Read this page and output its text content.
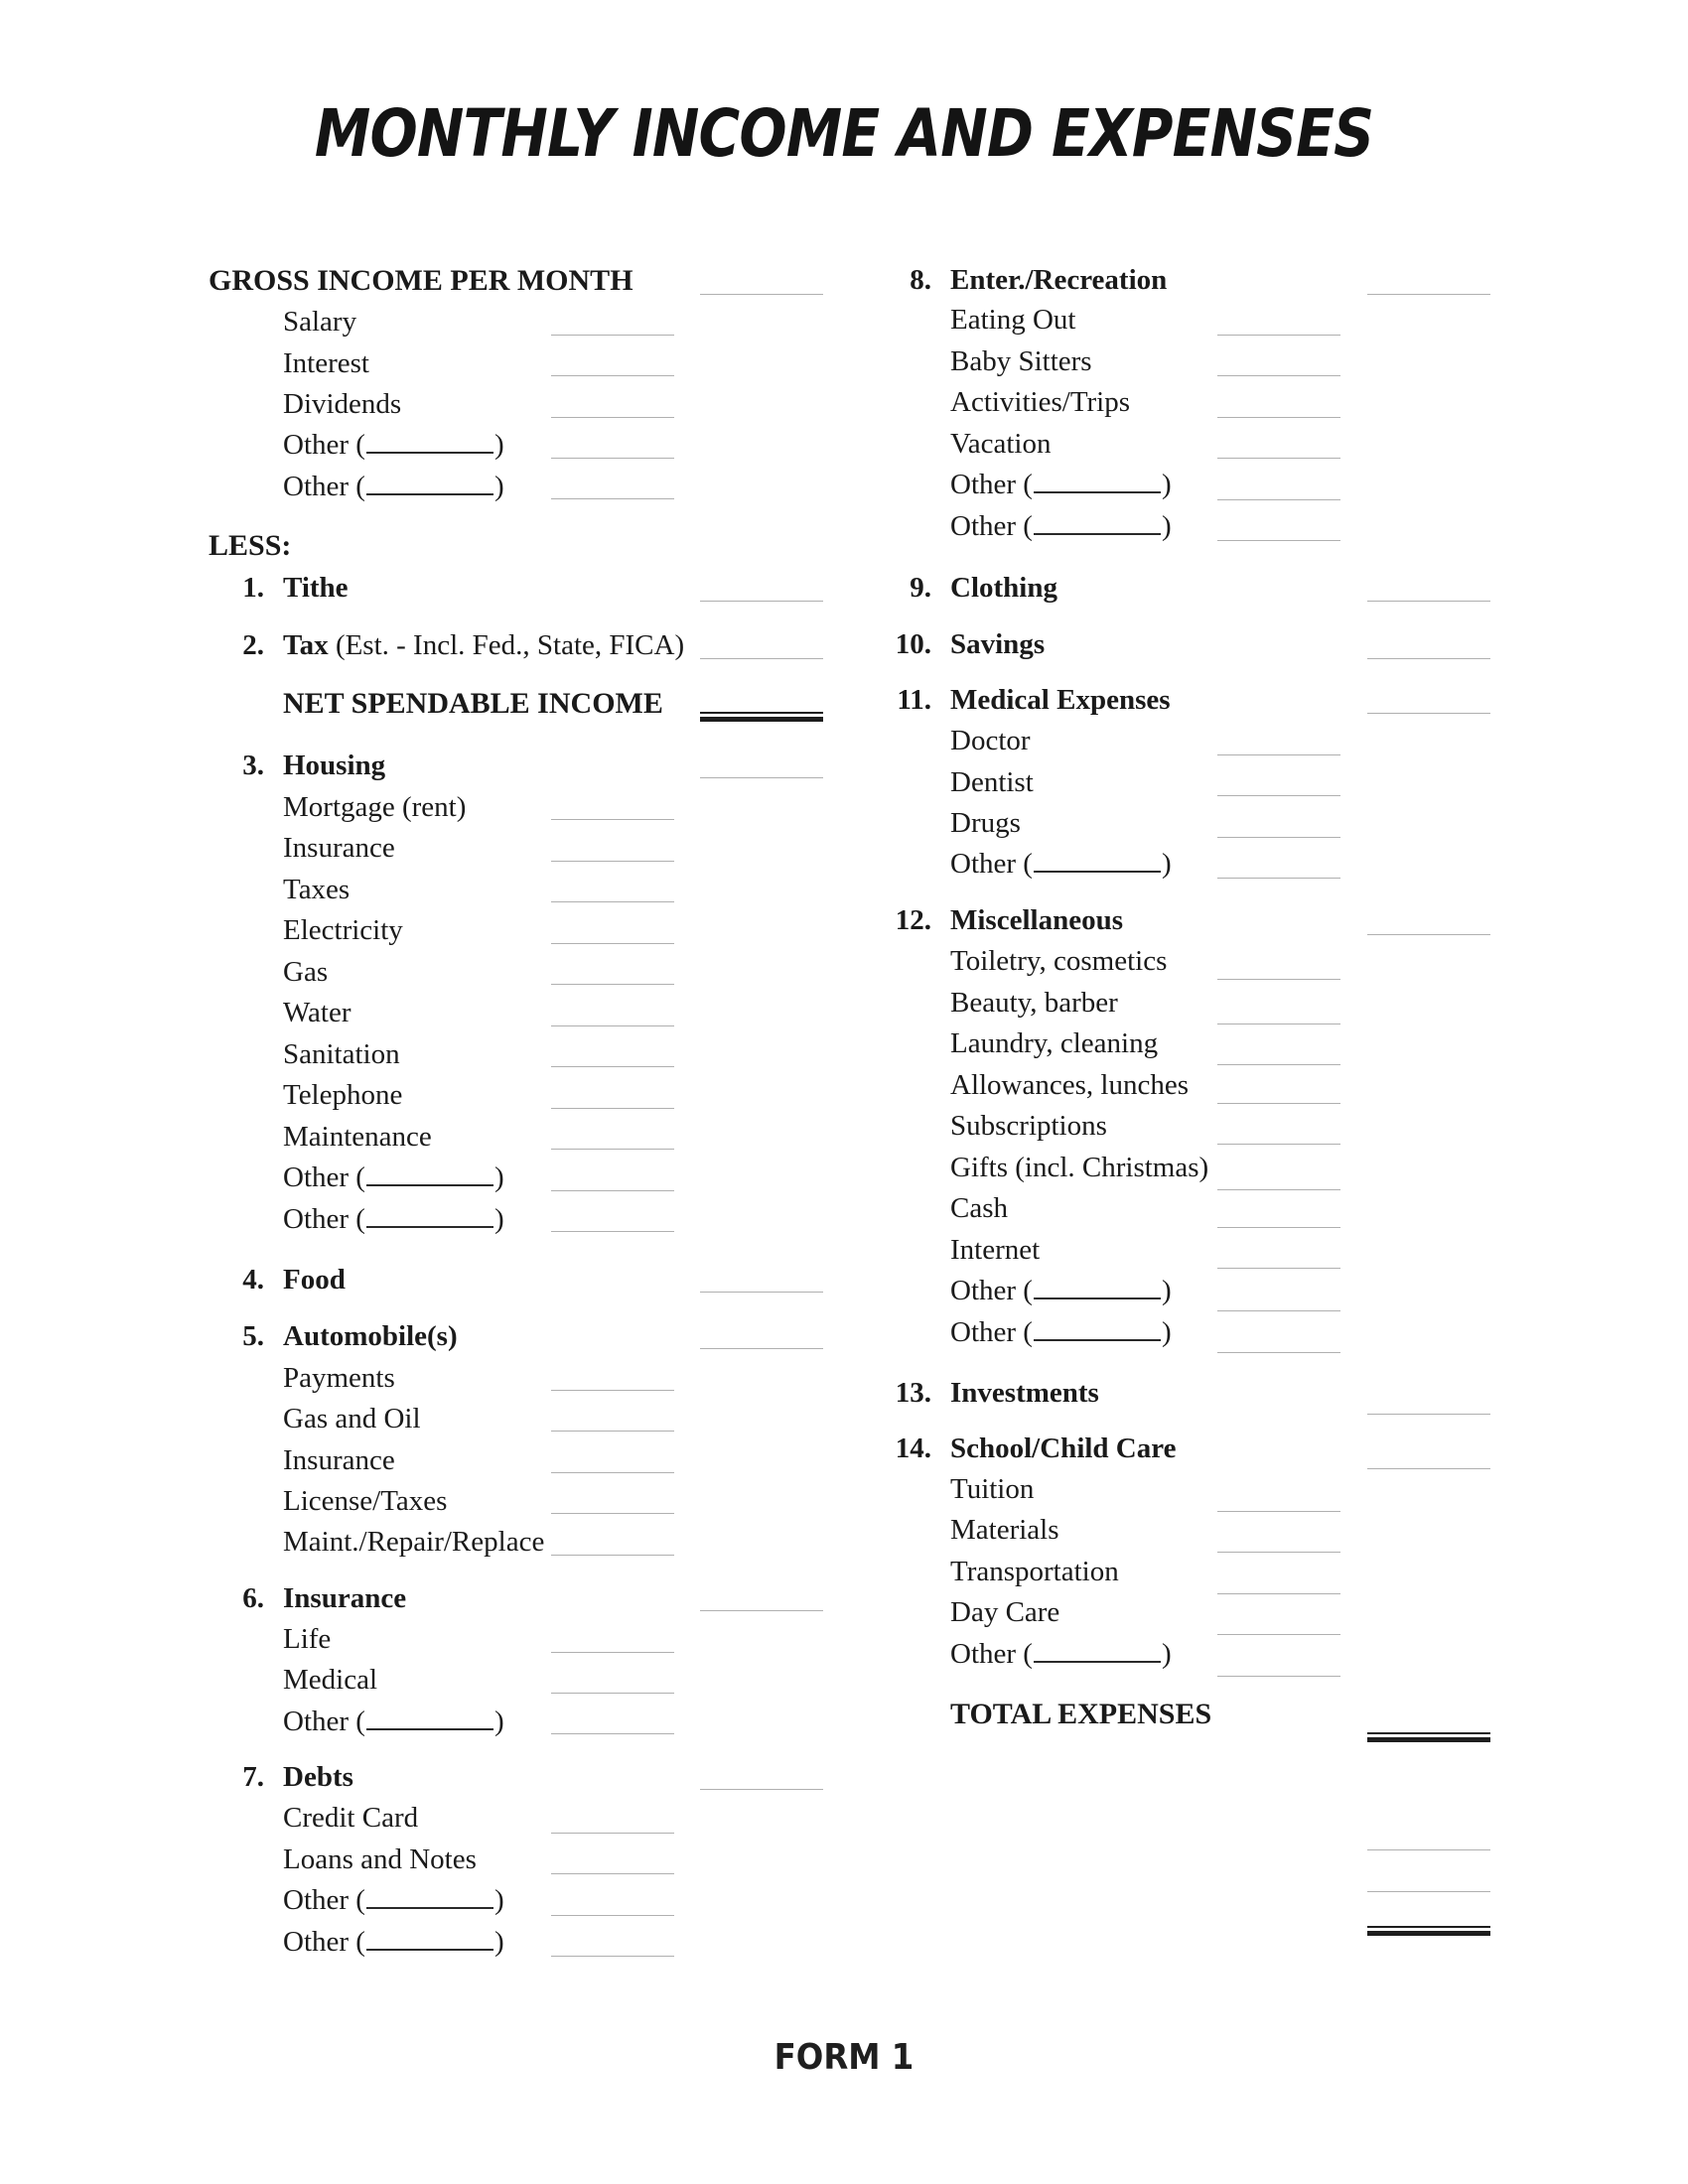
MONTHLY INCOME AND EXPENSES
GROSS INCOME PER MONTH
Salary
Interest
Dividends
Other (	)
Other (	)
LESS:
1. Tithe
2. Tax (Est. - Incl. Fed., State, FICA)
NET SPENDABLE INCOME
3. Housing
Mortgage (rent)
Insurance
Taxes
Electricity
Gas
Water
Sanitation
Telephone
Maintenance
Other (	)
Other (	)
4. Food
5. Automobile(s)
Payments
Gas and Oil
Insurance
License/Taxes
Maint./Repair/Replace
6. Insurance
Life
Medical
Other (	)
7. Debts
Credit Card
Loans and Notes
Other (	)
Other (	)
8. Enter./Recreation
Eating Out
Baby Sitters
Activities/Trips
Vacation
Other (	)
Other (	)
9. Clothing
10. Savings
11. Medical Expenses
Doctor
Dentist
Drugs
Other (	)
12. Miscellaneous
Toiletry, cosmetics
Beauty, barber
Laundry, cleaning
Allowances, lunches
Subscriptions
Gifts (incl. Christmas)
Cash
Internet
Other (	)
Other (	)
13. Investments
14. School/Child Care
Tuition
Materials
Transportation
Day Care
Other (	)
TOTAL EXPENSES
FORM 1
